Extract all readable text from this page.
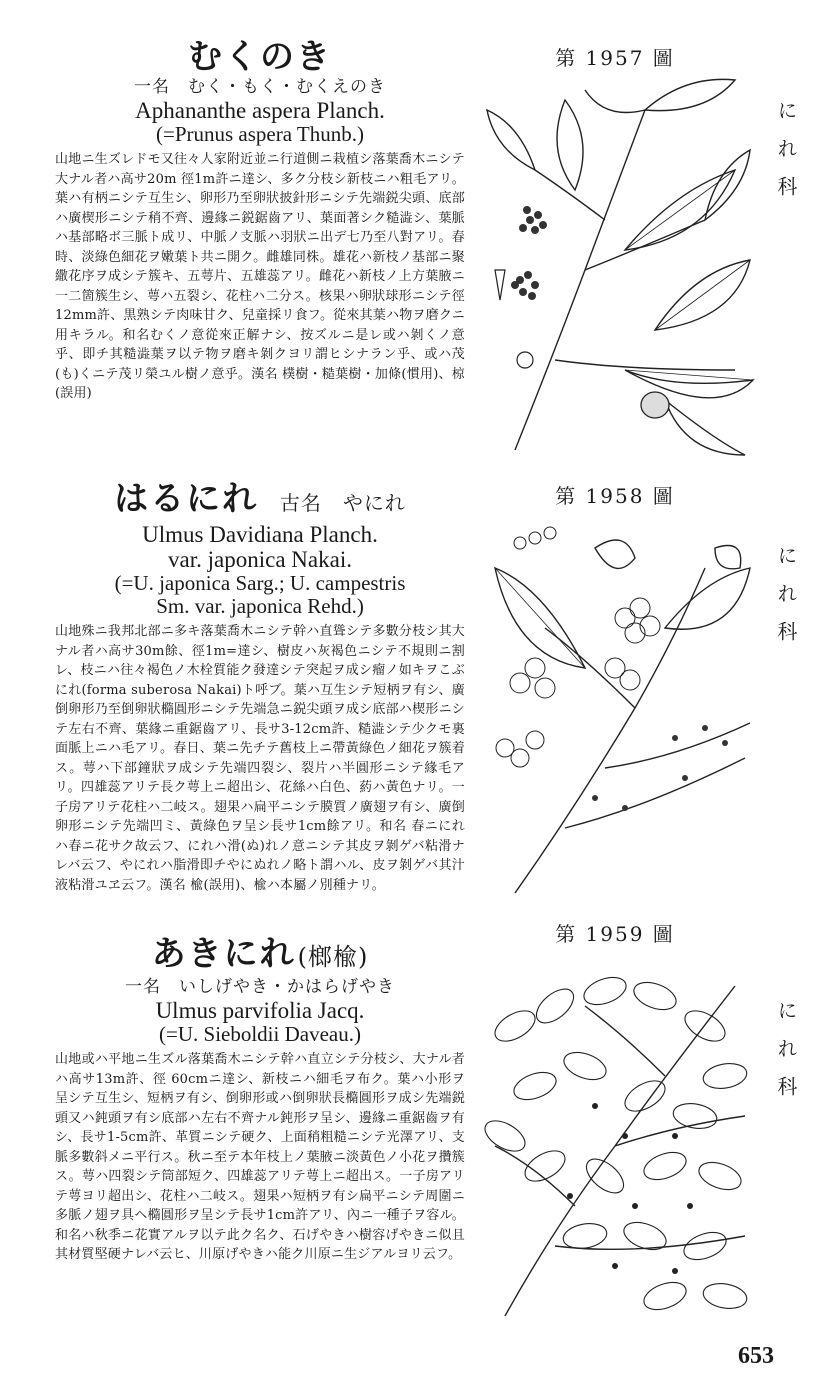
むくのき
一名　むく・もく・むくえのき
Aphananthe aspera Planch.
(=Prunus aspera Thunb.)
山地ニ生ズレドモ又往々人家附近並ニ行道側ニ栽植シ落葉喬木ニシテ大ナル者ハ高サ20m 徑1m許ニ達シ、多ク分枝シ新枝ニハ粗毛アリ。葉ハ有柄ニシテ互生シ、卵形乃至卵狀披針形ニシテ先端鋭尖頭、底部ハ廣楔形ニシテ稍不齊、邊緣ニ鋭鋸齒アリ、葉面著シク糙澁シ、葉脈ハ基部略ボ三脈ト成リ、中脈ノ支脈ハ羽狀ニ出デ七乃至八對アリ。春時、淡綠色細花ヲ嫩葉ト共ニ開ク。雌雄同株。雄花ハ新枝ノ基部ニ聚繖花序ヲ成シテ簇キ、五萼片、五雄蕊アリ。雌花ハ新枝ノ上方葉腋ニ一二箇簇生シ、萼ハ五裂シ、花柱ハ二分ス。核果ハ卵狀球形ニシテ徑12mm許、黒熟シテ肉味甘ク、兒童採リ食フ。從來其葉ハ物ヲ磨クニ用キラル。和名むくノ意從來正解ナシ、按ズルニ是レ或ハ剝くノ意乎、即チ其糙澁葉ヲ以テ物ヲ磨キ剝クヨリ謂ヒシナラン乎、或ハ茂(も)くニテ茂リ榮ユル樹ノ意乎。漢名 樸樹・糙葉樹・加條(慣用)、椋(誤用)
第 1957 圖
にれ科
はるにれ 古名　やにれ
Ulmus Davidiana Planch.
var. japonica Nakai.
(=U. japonica Sarg.; U. campestris
Sm. var. japonica Rehd.)
山地殊ニ我邦北部ニ多キ落葉喬木ニシテ幹ハ直聳シテ多數分枝シ其大ナル者ハ高サ30m餘、徑1m=達シ、樹皮ハ灰褐色ニシテ不規則ニ割レ、枝ニハ往々褐色ノ木栓質能ク發達シテ突起ヲ成シ瘤ノ如キヲこぶにれ(forma suberosa Nakai)ト呼ブ。葉ハ互生シテ短柄ヲ有シ、廣倒卵形乃至倒卵狀橢圓形ニシテ先端急ニ鋭尖頭ヲ成シ底部ハ楔形ニシテ左右不齊、葉緣ニ重鋸齒アリ、長サ3-12cm許、糙澁シテ少クモ裏面脈上ニハ毛アリ。春日、葉ニ先チテ舊枝上ニ帶黃綠色ノ細花ヲ簇着ス。萼ハ下部鐘狀ヲ成シテ先端四裂シ、裂片ハ半圓形ニシテ緣毛アリ。四雄蕊アリテ長ク萼上ニ超出シ、花絲ハ白色、葯ハ黃色ナリ。一子房アリテ花柱ハ二岐ス。翅果ハ扁平ニシテ膜質ノ廣翅ヲ有シ、廣倒卵形ニシテ先端凹ミ、黃綠色ヲ呈シ長サ1cm餘アリ。和名 春ニにれハ春ニ花サク故云フ、にれハ滑(ぬ)れノ意ニシテ其皮ヲ剝ゲバ粘滑ナレバ云フ、やにれハ脂滑即チやにぬれノ略ト謂ハル、皮ヲ剝ゲバ其汁液粘滑ユヱ云フ。漢名 楡(誤用)、楡ハ本屬ノ別種ナリ。
第 1958 圖
にれ科
あきにれ(榔楡)
一名　いしげやき・かはらげやき
Ulmus parvifolia Jacq.
(=U. Sieboldii Daveau.)
山地或ハ平地ニ生ズル落葉喬木ニシテ幹ハ直立シテ分枝シ、大ナル者ハ高サ13m許、徑 60cmニ達シ、新枝ニハ細毛ヲ布ク。葉ハ小形ヲ呈シテ互生シ、短柄ヲ有シ、倒卵形或ハ倒卵狀長橢圓形ヲ成シ先端鋭頭又ハ鈍頭ヲ有シ底部ハ左右不齊ナル鈍形ヲ呈シ、邊緣ニ重鋸齒ヲ有シ、長サ1-5cm許、革質ニシテ硬ク、上面稍粗糙ニシテ光澤アリ、支脈多數斜メニ平行ス。秋ニ至テ本年枝上ノ葉腋ニ淡黃色ノ小花ヲ攢簇ス。萼ハ四裂シテ筒部短ク、四雄蕊アリテ萼上ニ超出ス。一子房アリテ萼ヨリ超出シ、花柱ハ二岐ス。翅果ハ短柄ヲ有シ扁平ニシテ周圍ニ多脈ノ翅ヲ具ヘ橢圓形ヲ呈シテ長サ1cm許アリ、內ニ一種子ヲ容ル。和名ハ秋季ニ花實アルヲ以テ此ク名ク、石げやきハ樹容げやきニ似且其材質堅硬ナレバ云ヒ、川原げやきハ能ク川原ニ生ジアルヨリ云フ。
第 1959 圖
にれ科
653
